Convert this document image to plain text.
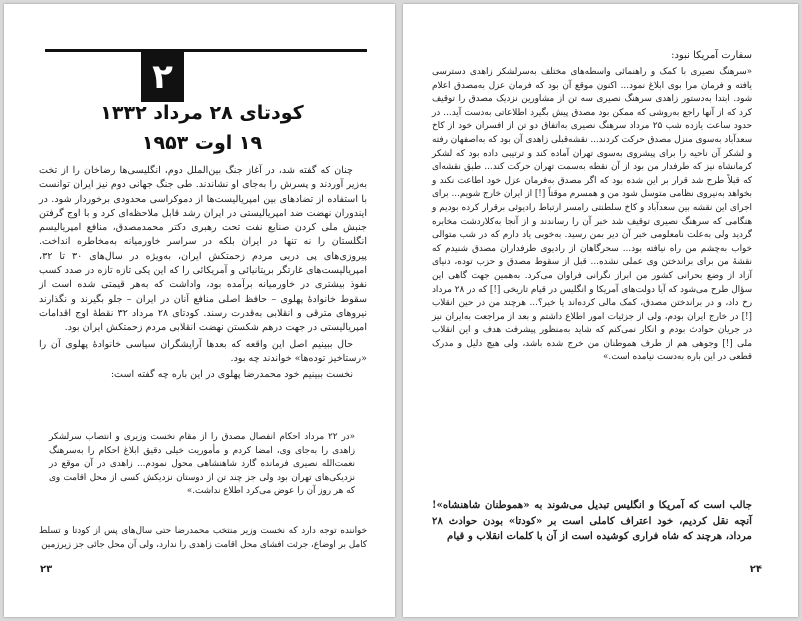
۲
کودتای ۲۸ مرداد ۱۳۳۲
۱۹ اوت ۱۹۵۳

چنان که گفته شد، در آغاز جنگ بین‌الملل دوم، انگلیسی‌ها رضاخان را از تخت به‌زیر آوردند و پسرش را به‌جای او نشاندند. طی جنگ جهانی دوم نیز ایران توانست با استفاده از تضادهای بین امپریالیست‌ها از دموکراسی محدودی برخوردار شود. در ایندوران نهضت ضد امپریالیستی در ایران رشد قابل ملاحظه‌ای کرد و با اوج گرفتن جنبش ملی کردن صنایع نفت تحت رهبری دکتر محمدمصدق، منافع امپریالیسم انگلستان را نه تنها در ایران بلکه در سراسر خاورمیانه به‌مخاطره انداخت. پیروزی‌های پی دربی مردم زحمتکش ایران، به‌ویژه در سال‌های ۳۰ تا ۳۲، امپریالیست‌های غارتگر بریتانیائی و آمریکائی را که این یکی تازه تازه در صدد کسب نفوذ بیشتری در خاورمیانه برآمده بود، واداشت که به‌هر قیمتی شده است از سقوط خانوادهٔ پهلوی – حافظ اصلی منافع آنان در ایران – جلو بگیرند و نگذارند نیروهای مترقی و انقلابی به‌قدرت رسند. کودتای ۲۸ مرداد ۳۲ نقطهٔ اوج اقدامات امپریالیستی در جهت درهم شکستن نهضت انقلابی مردم زحمتکش ایران بود.

حال ببینیم اصل این واقعه که بعدها آرایشگران سیاسی خانوادهٔ پهلوی آن را «رستاخیز توده‌ها» خواندند چه بود.

نخست ببینیم خود محمدرضا پهلوی در این باره چه گفته است:

«در ۲۲ مرداد احکام انفصال مصدق را از مقام نخست وزیری و انتصاب سرلشکر زاهدی را به‌جای وی، امضا کردم و مأموریت خیلی دقیق ابلاغ احکام را به‌سرهنگ نعمت‌الله نصیری فرمانده گارد شاهنشاهی محول نمودم... زاهدی در آن موقع در نزدیکی‌های تهران بود ولی جز چند تن از دوستان نزدیکش کسی از محل اقامت وی که هر روز آن را عوض می‌کرد اطلاع نداشت.»
خواننده توجه دارد که نخست وزیر منتخب محمدرضا حتی سال‌های پس از کودتا و تسلط کامل بر اوضاع، جرئت افشای محل اقامت زاهدی را ندارد، ولی آن محل جائی جز زیرزمین
۲۳
سفارت آمریکا نبود:
«سرهنگ نصیری با کمک و راهنمائی واسطه‌های مختلف به‌سرلشکر زاهدی دسترسی یافته و فرمان مرا بوی ابلاغ نمود... اکنون موقع آن بود که فرمان عزل به‌مصدق اعلام شود. ابتدا به‌دستور زاهدی سرهنگ نصیری سه تن از مشاورین نزدیک مصدق را توقیف کرد که از آنها راجع به‌روشی که ممکن بود مصدق پیش بگیرد اطلاعاتی به‌دست آید... در حدود ساعت یازده شب ۲۵ مرداد سرهنگ نصیری به‌اتفاق دو تن از افسران خود از کاخ سعدآباد به‌سوی منزل مصدق حرکت کردند... نقشه‌قبلی زاهدی آن بود که به‌اصفهان رفته و لشکر آن ناحیه را برای پیشروی به‌سوی تهران آماده کند و ترتیبی داده بود که لشکر کرمانشاه نیز که طرفدار من بود از آن نقطه به‌سمت تهران حرکت کند... طبق نقشه‌ای که قبلاً طرح شد قرار بر این شده بود که اگر مصدق به‌فرمان عزل خود اطاعت نکند و بخواهد به‌نیروی نظامی متوسل شود من و همسرم موقتاً [!] از ایران خارج شویم... برای اجرای این نقشه بین سعدآباد و کاخ سلطنتی رامسر ارتباط رادیوئی برقرار کرده بودیم و هنگامی که سرهنگ نصیری توقیف شد خبر آن را رساندند و از آنجا به‌کلاردشت مخابره گردید ولی به‌علت نامعلومی خبر آن دیر بمن رسید. به‌خوبی یاد دارم که در شب متوالی خواب به‌چشم من راه نیافته بود... سحرگاهان از رادیوی طرفداران مصدق شنیدم که نقشهٔ من برای براندختن وی عملی نشده... قبل از سقوط مصدق و حزب توده، دنیای آزاد از وضع بحرانی کشور من ابراز نگرانی فراوان می‌کرد. به‌همین جهت گاهی این سؤال طرح می‌شود که آیا دولت‌های آمریکا و انگلیس در قیام تاریخی [!] که در ۲۸ مرداد رخ داد، و در براندختن مصدق، کمک مالی کرده‌اند یا خیر؟... هرچند من در حین انقلاب [!] در خارج ایران بودم، ولی از جزئیات امور اطلاع داشتم و بعد از مراجعت به‌ایران نیز در جریان حوادث بودم و انکار نمی‌کنم که شاید به‌منظور پیشرفت هدف و این انقلاب ملی [!] وجوهی هم از طرف هموطنان من خرج شده باشد، ولی هیچ دلیل و مدرک قطعی در این باره به‌دست نیامده است.»
جالب است که آمریکا و انگلیس تبدیل می‌شوند به «هموطنان شاهنشاه»! آنچه نقل کردیم، خود اعتراف کاملی است بر «کودتا» بودن حوادث ۲۸ مرداد، هرچند که شاه فراری کوشیده است از آن با کلمات انقلاب و قیام
۲۴
